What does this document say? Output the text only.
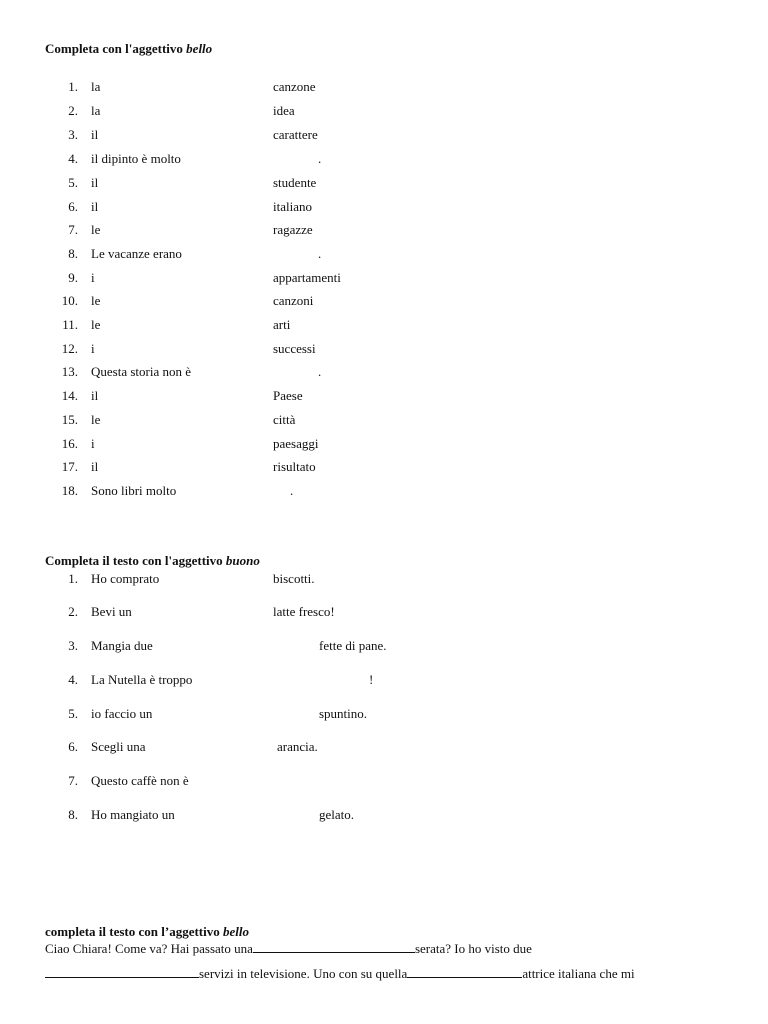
Completa con l'aggettivo bello
1. la	canzone
2. la	idea
3. il	carattere
4. il dipinto è molto	.
5. il	studente
6. il	italiano
7. le	ragazze
8. Le vacanze erano	.
9. i	appartamenti
10. le	canzoni
11. le	arti
12. i	successi
13. Questa storia non è	.
14. il	Paese
15. le	città
16. i	paesaggi
17. il	risultato
18. Sono libri molto	.
Completa il testo con l'aggettivo buono
1. Ho comprato	biscotti.
2. Bevi un	latte fresco!
3. Mangia due	fette di pane.
4. La Nutella è troppo	!
5. io faccio un	spuntino.
6. Scegli una	arancia.
7. Questo caffè non è
8. Ho mangiato un	gelato.
completa il testo con l’aggettivo bello
Ciao Chiara! Come va? Hai passato una	serata? Io ho visto due
servizi in televisione. Uno con su quella	attrice italiana che mi
